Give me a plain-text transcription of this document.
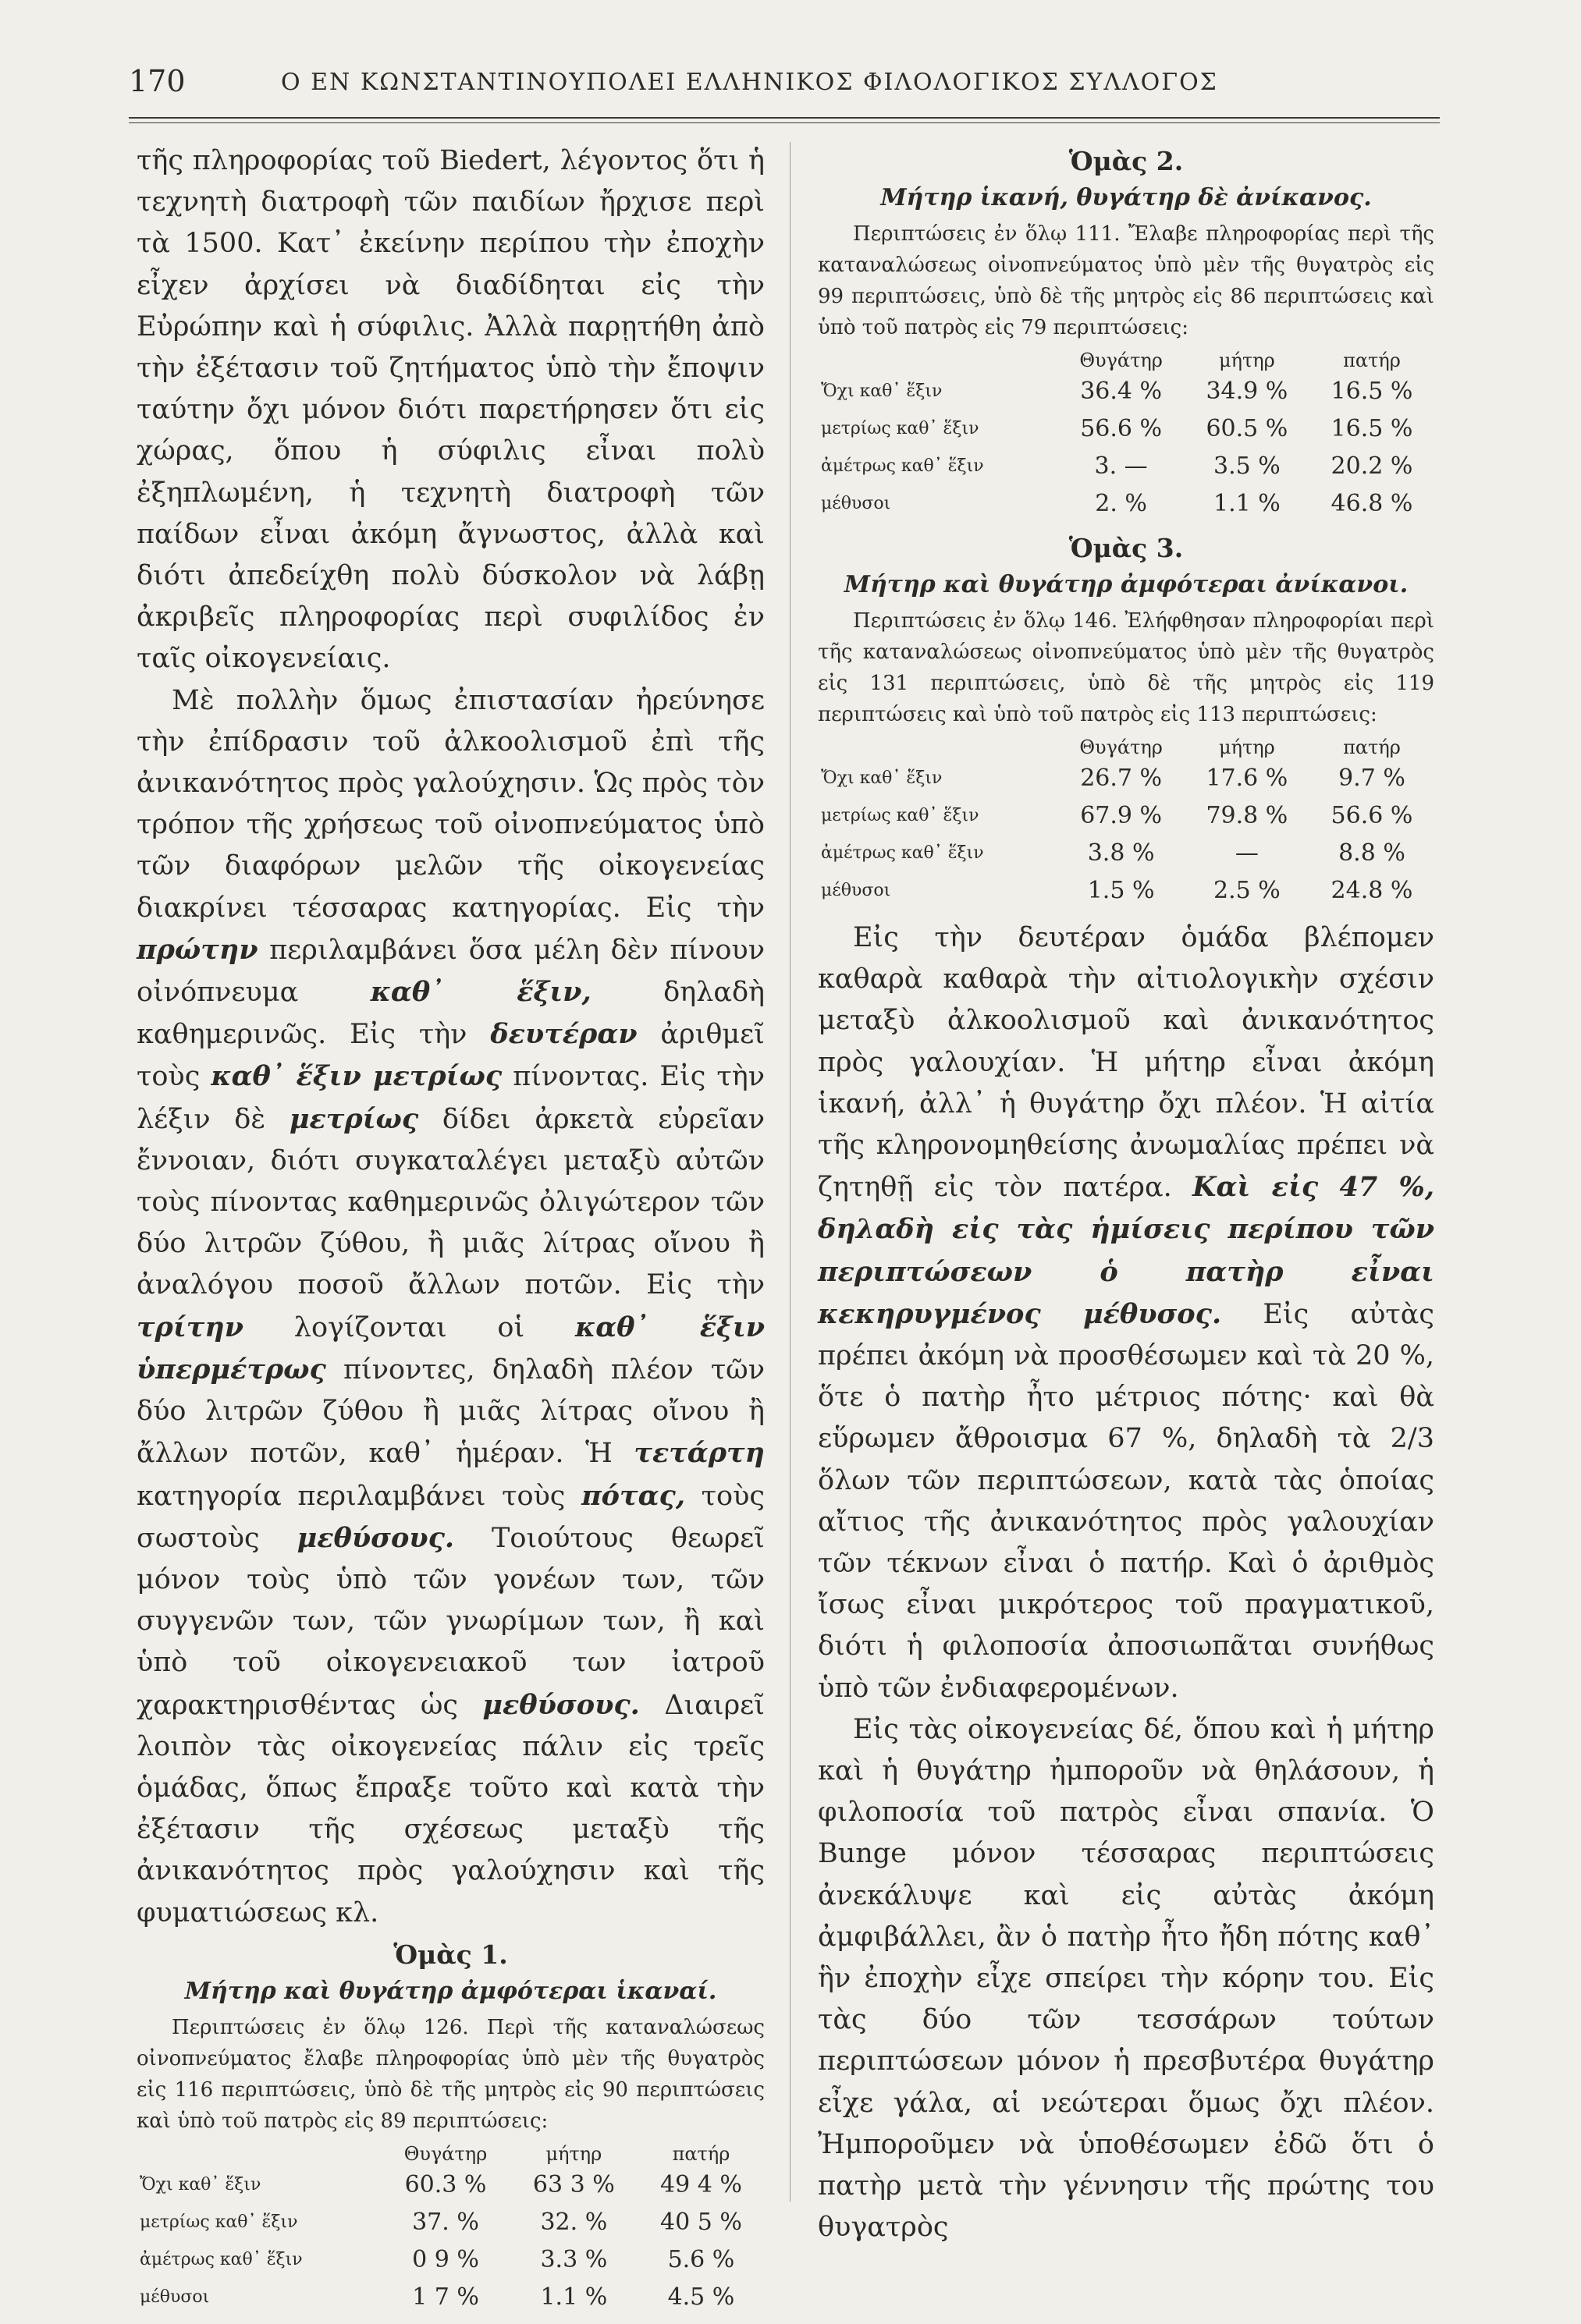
170	Ο ΕΝ ΚΩΝΣΤΑΝΤΙΝΟΥΠΟΛΕΙ ΕΛΛΗΝΙΚΟΣ ΦΙΛΟΛΟΓΙΚΟΣ ΣΥΛΛΟΓΟΣ

τῆς πληροφορίας τοῦ Biedert, λέγοντος ὅτι ἡ τεχνητὴ διατροφὴ τῶν παιδίων ἤρχισε περὶ τὰ 1500. Κατ᾽ ἐκείνην περίπου τὴν ἐποχὴν εἶχεν ἀρχίσει νὰ διαδίδηται εἰς τὴν Εὐρώπην καὶ ἡ σύφιλις. Ἀλλὰ παρῃτήθη ἀπὸ τὴν ἐξέτασιν τοῦ ζητήματος ὑπὸ τὴν ἔποψιν ταύτην ὄχι μόνον διότι παρετήρησεν ὅτι εἰς χώρας, ὅπου ἡ σύφιλις εἶναι πολὺ ἐξηπλωμένη, ἡ τεχνητὴ διατροφὴ τῶν παίδων εἶναι ἀκόμη ἄγνωστος, ἀλλὰ καὶ διότι ἀπεδείχθη πολὺ δύσκολον νὰ λάβῃ ἀκριβεῖς πληροφορίας περὶ συφιλίδος ἐν ταῖς οἰκογενείαις.

Μὲ πολλὴν ὅμως ἐπιστασίαν ἠρεύνησε τὴν ἐπίδρασιν τοῦ ἀλκοολισμοῦ ἐπὶ τῆς ἀνικανότητος πρὸς γαλούχησιν. Ὡς πρὸς τὸν τρόπον τῆς χρήσεως τοῦ οἰνοπνεύματος ὑπὸ τῶν διαφόρων μελῶν τῆς οἰκογενείας διακρίνει τέσσαρας κατηγορίας. Εἰς τὴν πρώτην περιλαμβάνει ὅσα μέλη δὲν πίνουν οἰνόπνευμα καθ᾽ ἕξιν, δηλαδὴ καθημερινῶς. Εἰς τὴν δευτέραν ἀριθμεῖ τοὺς καθ᾽ ἕξιν μετρίως πίνοντας. Εἰς τὴν λέξιν δὲ μετρίως δίδει ἀρκετὰ εὐρεῖαν ἔννοιαν, διότι συγκαταλέγει μεταξὺ αὐτῶν τοὺς πίνοντας καθημερινῶς ὀλιγώτερον τῶν δύο λιτρῶν ζύθου, ἢ μιᾶς λίτρας οἴνου ἢ ἀναλόγου ποσοῦ ἄλλων ποτῶν. Εἰς τὴν τρίτην λογίζονται οἱ καθ᾽ ἕξιν ὑπερμέτρως πίνοντες, δηλαδὴ πλέον τῶν δύο λιτρῶν ζύθου ἢ μιᾶς λίτρας οἴνου ἢ ἄλλων ποτῶν, καθ᾽ ἡμέραν. Ἡ τετάρτη κατηγορία περιλαμβάνει τοὺς πότας, τοὺς σωστοὺς μεθύσους. Τοιούτους θεωρεῖ μόνον τοὺς ὑπὸ τῶν γονέων των, τῶν συγγενῶν των, τῶν γνωρίμων των, ἢ καὶ ὑπὸ τοῦ οἰκογενειακοῦ των ἰατροῦ χαρακτηρισθέντας ὡς μεθύσους. Διαιρεῖ λοιπὸν τὰς οἰκογενείας πάλιν εἰς τρεῖς ὁμάδας, ὅπως ἔπραξε τοῦτο καὶ κατὰ τὴν ἐξέτασιν τῆς σχέσεως μεταξὺ τῆς ἀνικανότητος πρὸς γαλούχησιν καὶ τῆς φυματιώσεως κλ.

Ὁμὰς 1.
Μήτηρ καὶ θυγάτηρ ἀμφότεραι ἱκαναί.

Περιπτώσεις ἐν ὅλῳ 126. Περὶ τῆς καταναλώσεως οἰνοπνεύματος ἔλαβε πληροφορίας ὑπὸ μὲν τῆς θυγατρὸς εἰς 116 περιπτώσεις, ὑπὸ δὲ τῆς μητρὸς εἰς 90 περιπτώσεις καὶ ὑπὸ τοῦ πατρὸς εἰς 89 περιπτώσεις:

	Θυγάτηρ	μήτηρ	πατήρ
Ὄχι καθ᾽ ἕξιν	60.3 %	63 3 %	49 4 %
μετρίως καθ᾽ ἕξιν	37. %	32. %	40 5 %
ἀμέτρως καθ᾽ ἕξιν	0 9 %	3.3 %	5.6 %
μέθυσοι	1 7 %	1.1 %	4.5 %
Ὁμὰς 2.
Μήτηρ ἱκανή, θυγάτηρ δὲ ἀνίκανος.

Περιπτώσεις ἐν ὅλῳ 111. Ἔλαβε πληροφορίας περὶ τῆς καταναλώσεως οἰνοπνεύματος ὑπὸ μὲν τῆς θυγατρὸς εἰς 99 περιπτώσεις, ὑπὸ δὲ τῆς μητρὸς εἰς 86 περιπτώσεις καὶ ὑπὸ τοῦ πατρὸς εἰς 79 περιπτώσεις:

	Θυγάτηρ	μήτηρ	πατήρ
Ὄχι καθ᾽ ἕξιν	36.4 %	34.9 %	16.5 %
μετρίως καθ᾽ ἕξιν	56.6 %	60.5 %	16.5 %
ἀμέτρως καθ᾽ ἕξιν	3. —	3.5 %	20.2 %
μέθυσοι	2. %	1.1 %	46.8 %
Ὁμὰς 3.
Μήτηρ καὶ θυγάτηρ ἀμφότεραι ἀνίκανοι.

Περιπτώσεις ἐν ὅλῳ 146. Ἐλήφθησαν πληροφορίαι περὶ τῆς καταναλώσεως οἰνοπνεύματος ὑπὸ μὲν τῆς θυγατρὸς εἰς 131 περιπτώσεις, ὑπὸ δὲ τῆς μητρὸς εἰς 119 περιπτώσεις καὶ ὑπὸ τοῦ πατρὸς εἰς 113 περιπτώσεις:

	Θυγάτηρ	μήτηρ	πατήρ
Ὄχι καθ᾽ ἕξιν	26.7 %	17.6 %	9.7 %
μετρίως καθ᾽ ἕξιν	67.9 %	79.8 %	56.6 %
ἀμέτρως καθ᾽ ἕξιν	3.8 %	—	8.8 %
μέθυσοι	1.5 %	2.5 %	24.8 %

Εἰς τὴν δευτέραν ὁμάδα βλέπομεν καθαρὰ καθαρὰ τὴν αἰτιολογικὴν σχέσιν μεταξὺ ἀλκοολισμοῦ καὶ ἀνικανότητος πρὸς γαλουχίαν. Ἡ μήτηρ εἶναι ἀκόμη ἱκανή, ἀλλ᾽ ἡ θυγάτηρ ὄχι πλέον. Ἡ αἰτία τῆς κληρονομηθείσης ἀνωμαλίας πρέπει νὰ ζητηθῇ εἰς τὸν πατέρα. Καὶ εἰς 47 %, δηλαδὴ εἰς τὰς ἡμίσεις περίπου τῶν περιπτώσεων ὁ πατὴρ εἶναι κεκηρυγμένος μέθυσος. Εἰς αὐτὰς πρέπει ἀκόμη νὰ προσθέσωμεν καὶ τὰ 20 %, ὅτε ὁ πατὴρ ἦτο μέτριος πότης· καὶ θὰ εὕρωμεν ἄθροισμα 67 %, δηλαδὴ τὰ 2/3 ὅλων τῶν περιπτώσεων, κατὰ τὰς ὁποίας αἴτιος τῆς ἀνικανότητος πρὸς γαλουχίαν τῶν τέκνων εἶναι ὁ πατήρ. Καὶ ὁ ἀριθμὸς ἴσως εἶναι μικρότερος τοῦ πραγματικοῦ, διότι ἡ φιλοποσία ἀποσιωπᾶται συνήθως ὑπὸ τῶν ἐνδιαφερομένων.

Εἰς τὰς οἰκογενείας δέ, ὅπου καὶ ἡ μήτηρ καὶ ἡ θυγάτηρ ἠμποροῦν νὰ θηλάσουν, ἡ φιλοποσία τοῦ πατρὸς εἶναι σπανία. Ὁ Bunge μόνον τέσσαρας περιπτώσεις ἀνεκάλυψε καὶ εἰς αὐτὰς ἀκόμη ἀμφιβάλλει, ἂν ὁ πατὴρ ἦτο ἤδη πότης καθ᾽ ἣν ἐποχὴν εἶχε σπείρει τὴν κόρην του. Εἰς τὰς δύο τῶν τεσσάρων τούτων περιπτώσεων μόνον ἡ πρεσβυτέρα θυγάτηρ εἶχε γάλα, αἱ νεώτεραι ὅμως ὄχι πλέον. Ἠμποροῦμεν νὰ ὑποθέσωμεν ἐδῶ ὅτι ὁ πατὴρ μετὰ τὴν γέννησιν τῆς πρώτης του θυγατρὸς
